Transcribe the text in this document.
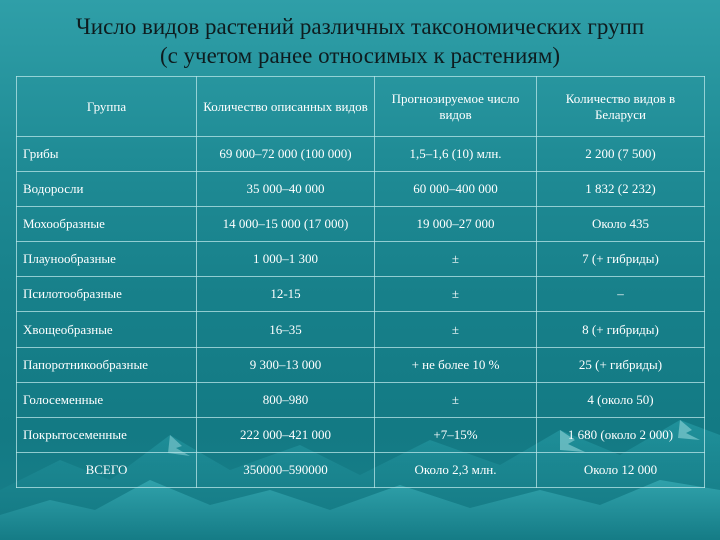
Число видов растений различных таксономических групп
(с учетом ранее относимых к растениям)
Группа	Количество описанных видов	Прогнозируемое число видов	Количество видов в Беларуси
Грибы	69 000–72 000 (100 000)	1,5–1,6 (10) млн.	2 200 (7 500)
Водоросли	35 000–40 000	60 000–400 000	1 832 (2 232)
Мохообразные	14 000–15 000 (17 000)	19 000–27 000	Около 435
Плаунообразные	1 000–1 300	±	7 (+ гибриды)
Псилотообразные	12-15	±	–
Хвощеобразные	16–35	±	8 (+ гибриды)
Папоротникообразные	9 300–13 000	+ не более 10 %	25 (+ гибриды)
Голосеменные	800–980	±	4 (около 50)
Покрытосеменные	222 000–421 000	+7–15%	1 680 (около 2 000)
ВСЕГО	350000–590000	Около 2,3 млн.	Около 12 000
